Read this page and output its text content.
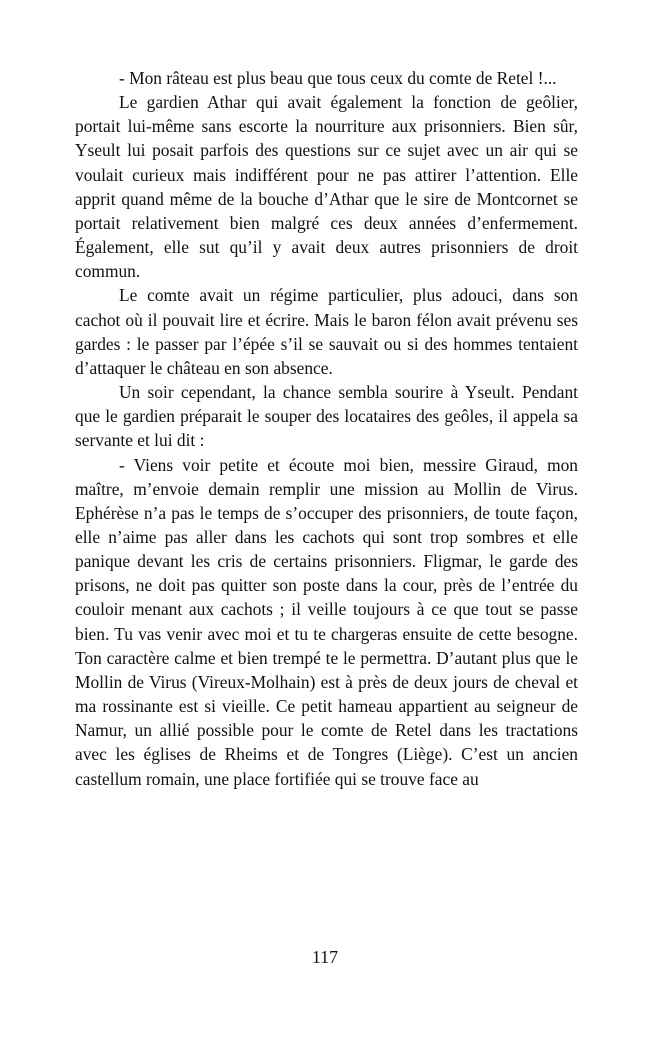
- Mon râteau est plus beau que tous ceux du comte de Retel !...

Le gardien Athar qui avait également la fonction de geôlier, portait lui-même sans escorte la nourriture aux prisonniers. Bien sûr, Yseult lui posait parfois des questions sur ce sujet avec un air qui se voulait curieux mais indifférent pour ne pas attirer l’attention. Elle apprit quand même de la bouche d’Athar que le sire de Montcornet se portait relativement bien malgré ces deux années d’enfermement. Également, elle sut qu’il y avait deux autres prisonniers de droit commun.

Le comte avait un régime particulier, plus adouci, dans son cachot où il pouvait lire et écrire. Mais le baron félon avait prévenu ses gardes : le passer par l’épée s’il se sauvait ou si des hommes tentaient d’attaquer le château en son absence.

Un soir cependant, la chance sembla sourire à Yseult. Pendant que le gardien préparait le souper des locataires des geôles, il appela sa servante et lui dit :

- Viens voir petite et écoute moi bien, messire Giraud, mon maître, m’envoie demain remplir une mission au Mollin de Virus. Ephérèse n’a pas le temps de s’occuper des prisonniers, de toute façon, elle n’aime pas aller dans les cachots qui sont trop sombres et elle panique devant les cris de certains prisonniers. Fligmar, le garde des prisons, ne doit pas quitter son poste dans la cour, près de l’entrée du couloir menant aux cachots ; il veille toujours à ce que tout se passe bien. Tu vas venir avec moi et tu te chargeras ensuite de cette besogne. Ton caractère calme et bien trempé te le permettra. D’autant plus que le Mollin de Virus (Vireux-Molhain) est à près de deux jours de cheval et ma rossinante est si vieille. Ce petit hameau appartient au seigneur de Namur, un allié possible pour le comte de Retel dans les tractations avec les églises de Rheims et de Tongres (Liège). C’est un ancien castellum romain, une place fortifiée qui se trouve face au

117
